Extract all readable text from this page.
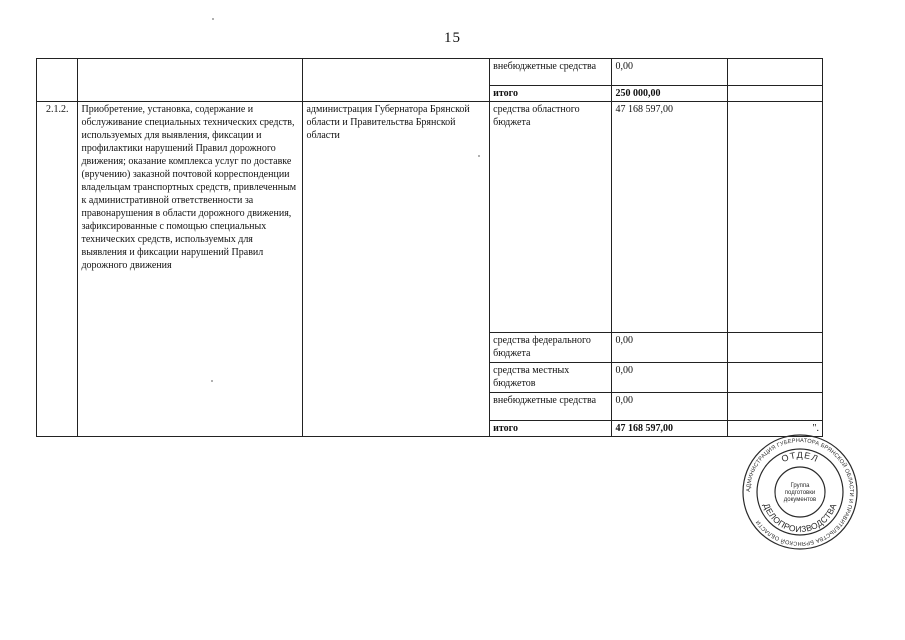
15
			внебюджетные средства	0,00	
			итого	250 000,00	
2.1.2.	Приобретение, установка, содержание и обслуживание специальных технических средств, используемых для выявления, фиксации и профилактики нарушений Правил дорожного движения; оказание комплекса услуг по доставке (вручению) заказной почтовой корреспонденции владельцам транспортных средств, привлеченным к административной ответственности за правонарушения в области дорожного движения, зафиксированные с помощью специальных технических средств, используемых для выявления и фиксации нарушений Правил дорожного движения	администрация Губернатора Брянской области и Правительства Брянской области	средства областного бюджета	47 168 597,00	
			средства федерального бюджета	0,00	
			средства местных бюджетов	0,00	
			внебюджетные средства	0,00	
			итого	47 168 597,00	".
АДМИНИСТРАЦИЯ ГУБЕРНАТОРА БРЯНСКОЙ ОБЛАСТИ И ПРАВИТЕЛЬСТВА БРЯНСКОЙ ОБЛАСТИ
ОТДЕЛ
ДЕЛОПРОИЗВОДСТВА
Группа
подготовки
документов
